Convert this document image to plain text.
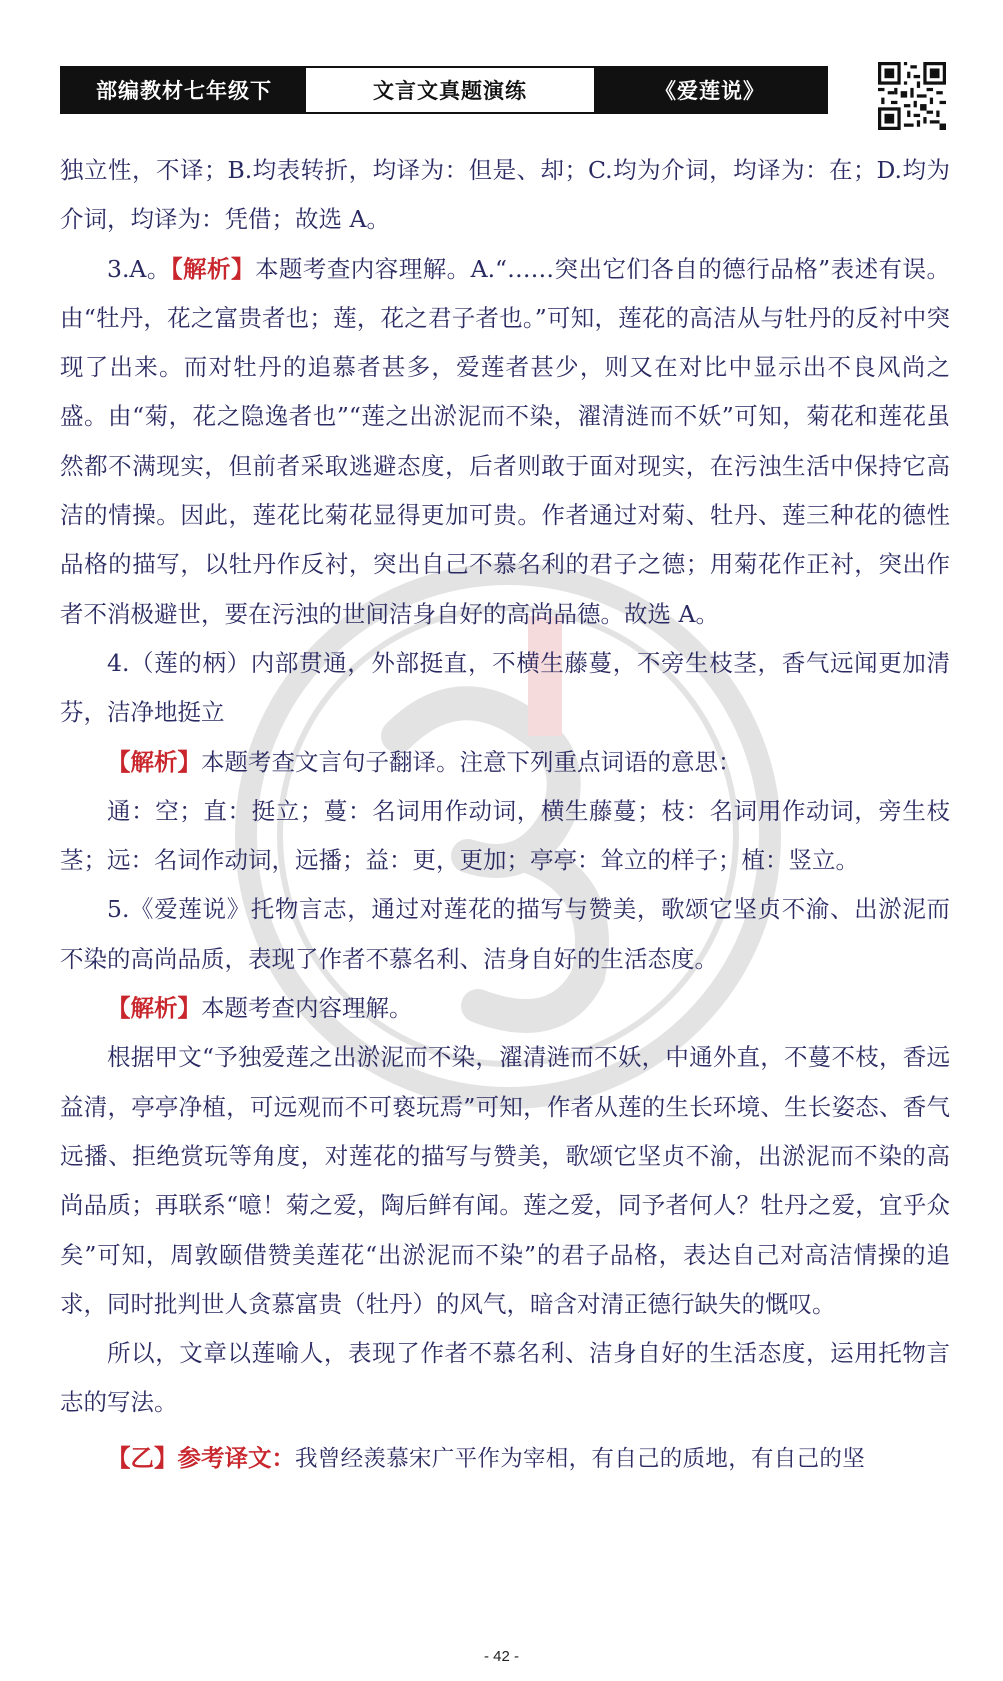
部编教材七年级下	文言文真题演练	《爱莲说》

独立性，不译；B.均表转折，均译为：但是、却；C.均为介词，均译为：在；D.均为介词，均译为：凭借；故选 A。

3.A。【解析】本题考查内容理解。A.“……突出它们各自的德行品格”表述有误。由“牡丹，花之富贵者也；莲，花之君子者也。”可知，莲花的高洁从与牡丹的反衬中突现了出来。而对牡丹的追慕者甚多，爱莲者甚少，则又在对比中显示出不良风尚之盛。由“菊，花之隐逸者也”“莲之出淤泥而不染，濯清涟而不妖”可知，菊花和莲花虽然都不满现实，但前者采取逃避态度，后者则敢于面对现实，在污浊生活中保持它高洁的情操。因此，莲花比菊花显得更加可贵。作者通过对菊、牡丹、莲三种花的德性品格的描写，以牡丹作反衬，突出自己不慕名利的君子之德；用菊花作正衬，突出作者不消极避世，要在污浊的世间洁身自好的高尚品德。故选 A。

4.（莲的柄）内部贯通，外部挺直，不横生藤蔓，不旁生枝茎，香气远闻更加清芬，洁净地挺立

【解析】本题考查文言句子翻译。注意下列重点词语的意思：

通：空；直：挺立；蔓：名词用作动词，横生藤蔓；枝：名词用作动词，旁生枝茎；远：名词作动词，远播；益：更，更加；亭亭：耸立的样子；植：竖立。

5.《爱莲说》托物言志，通过对莲花的描写与赞美，歌颂它坚贞不渝、出淤泥而不染的高尚品质，表现了作者不慕名利、洁身自好的生活态度。

【解析】本题考查内容理解。

根据甲文“予独爱莲之出淤泥而不染，濯清涟而不妖，中通外直，不蔓不枝，香远益清，亭亭净植，可远观而不可亵玩焉”可知，作者从莲的生长环境、生长姿态、香气远播、拒绝赏玩等角度，对莲花的描写与赞美，歌颂它坚贞不渝，出淤泥而不染的高尚品质；再联系“噫！菊之爱，陶后鲜有闻。莲之爱，同予者何人？牡丹之爱，宜乎众矣”可知，周敦颐借赞美莲花“出淤泥而不染”的君子品格，表达自己对高洁情操的追求，同时批判世人贪慕富贵（牡丹）的风气，暗含对清正德行缺失的慨叹。

所以，文章以莲喻人，表现了作者不慕名利、洁身自好的生活态度，运用托物言志的写法。

【乙】参考译文：我曾经羡慕宋广平作为宰相，有自己的质地，有自己的坚

- 42 -
